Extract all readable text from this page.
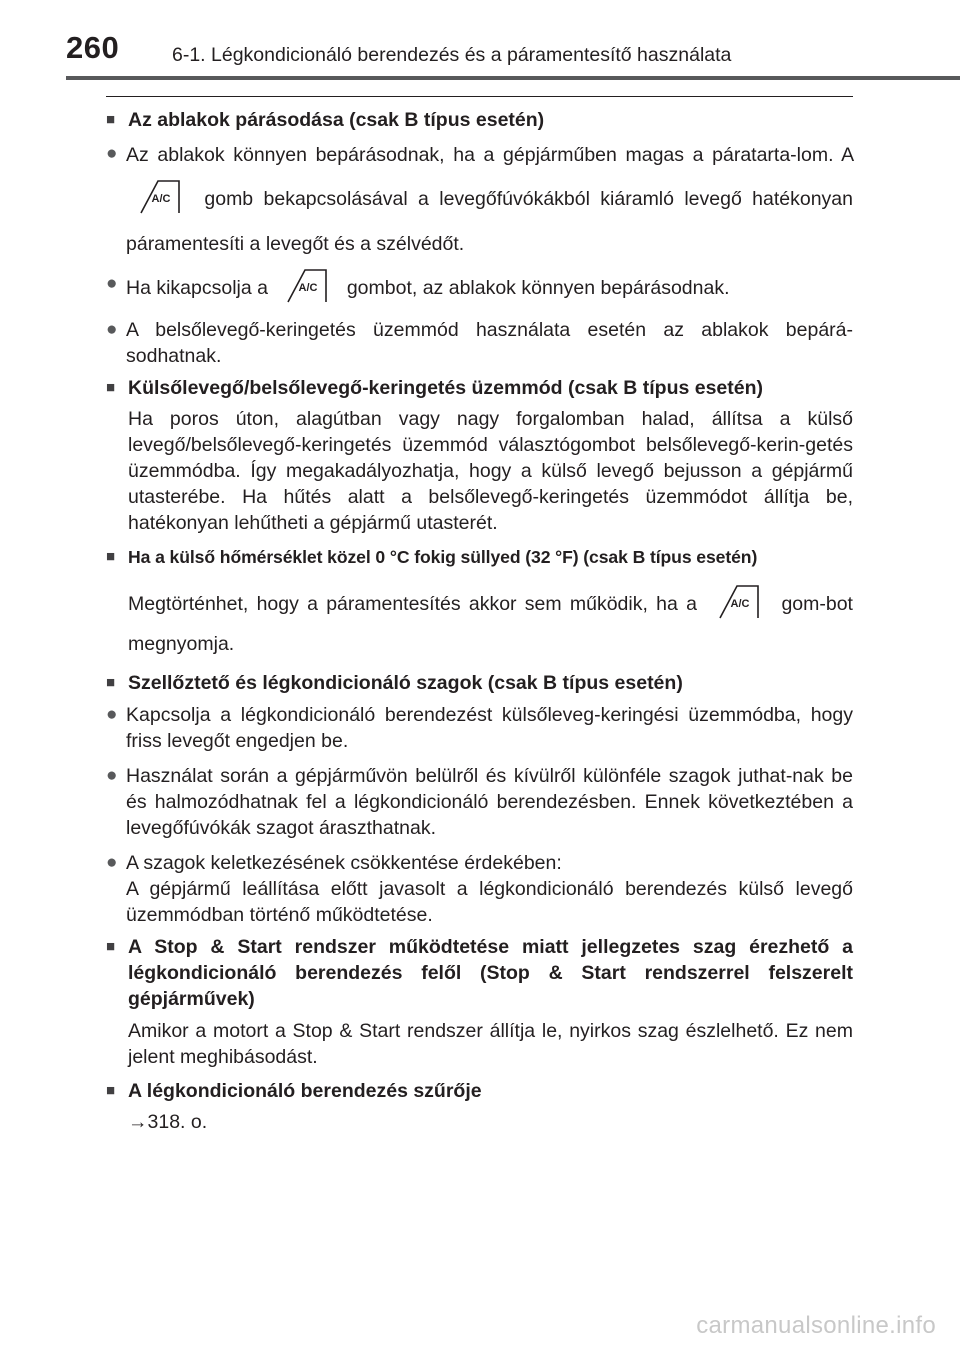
260	6-1. Légkondicionáló berendezés és a páramentesítő használata
■ Az ablakok párásodása (csak B típus esetén)
● Az ablakok könnyen bepárásodnak, ha a gépjárműben magas a páratarta-lom. A
A/C gomb bekapcsolásával a levegőfúvókákból kiáramló levegő hatékonyan páramentesíti a levegőt és a szélvédőt.
● Ha kikapcsolja a	A/C gombot, az ablakok könnyen bepárásodnak.
● A belsőlevegő-keringetés üzemmód használata esetén az ablakok bepárá-sodhatnak.
■ Külsőlevegő/belsőlevegő-keringetés üzemmód (csak B típus esetén)
Ha poros úton, alagútban vagy nagy forgalomban halad, állítsa a külső levegő/belsőlevegő-keringetés üzemmód választógombot belsőlevegő-kerin-getés üzemmódba. Így megakadályozhatja, hogy a külső levegő bejusson a gépjármű utasterébe. Ha hűtés alatt a belsőlevegő-keringetés üzemmódot állítja be, hatékonyan lehűtheti a gépjármű utasterét.
■ Ha a külső hőmérséklet közel 0 °C fokig süllyed (32 °F) (csak B típus esetén)
Megtörténhet, hogy a páramentesítés akkor sem működik, ha a	A/C gom-bot megnyomja.
■ Szellőztető és légkondicionáló szagok (csak B típus esetén)
● Kapcsolja a légkondicionáló berendezést külsőleveg-keringési üzemmódba, hogy friss levegőt engedjen be.
● Használat során a gépjárművön belülről és kívülről különféle szagok juthat-nak be és halmozódhatnak fel a légkondicionáló berendezésben. Ennek következtében a levegőfúvókák szagot áraszthatnak.
● A szagok keletkezésének csökkentése érdekében:
A gépjármű leállítása előtt javasolt a légkondicionáló berendezés külső levegő üzemmódban történő működtetése.
■ A Stop & Start rendszer működtetése miatt jellegzetes szag érezhető a légkondicionáló berendezés felől (Stop & Start rendszerrel felszerelt gépjárművek)
Amikor a motort a Stop & Start rendszer állítja le, nyirkos szag észlelhető. Ez nem jelent meghibásodást.
■ A légkondicionáló berendezés szűrője
→318. o.
carmanualsonline.info
